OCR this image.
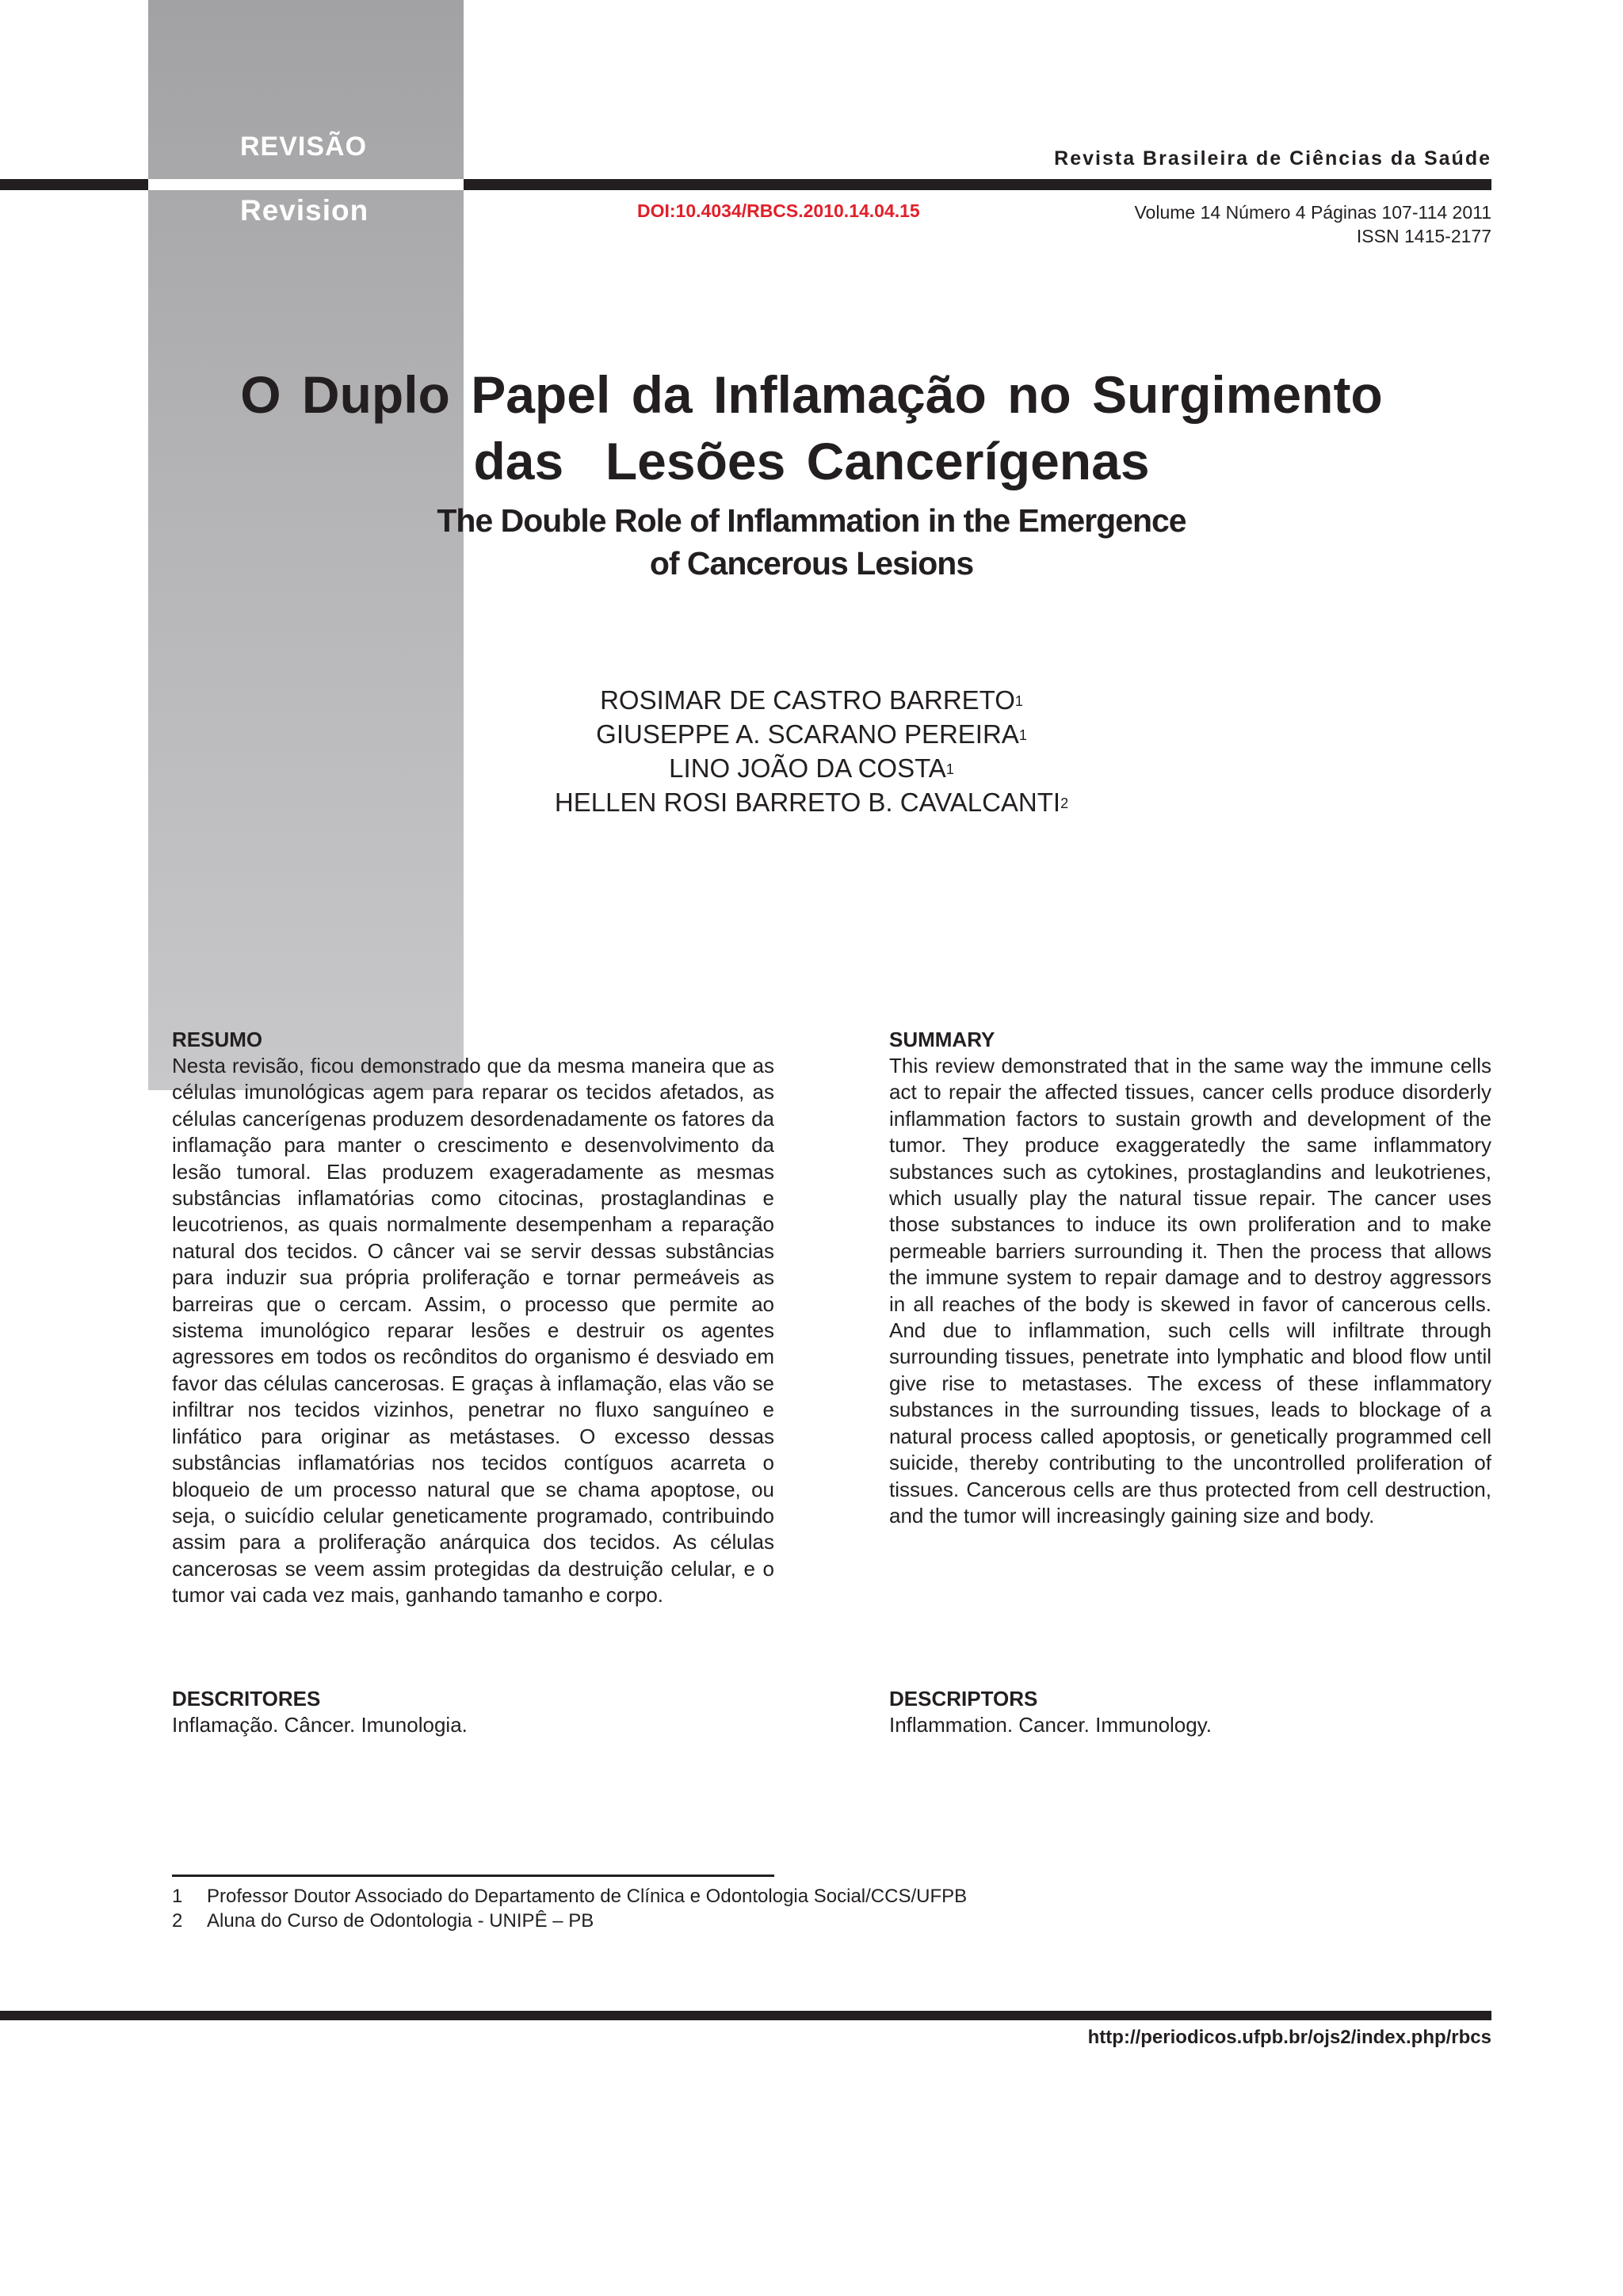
REVISÃO
Revision
Revista Brasileira de Ciências da Saúde
DOI:10.4034/RBCS.2010.14.04.15	Volume 14 Número 4 Páginas 107-114 2011
ISSN 1415-2177
O Duplo Papel da Inflamação no Surgimento
das  Lesões Cancerígenas
The Double Role of Inflammation in the Emergence
of Cancerous Lesions
ROSIMAR DE CASTRO BARRETO$^1$
GIUSEPPE A. SCARANO PEREIRA$^1$
LINO JOÃO DA COSTA$^1$
HELLEN ROSI BARRETO B. CAVALCANTI$^2$
RESUMO

Nesta revisão, ficou demonstrado que da mesma maneira que as células imunológicas agem para reparar os tecidos afetados, as células cancerígenas produzem desordenadamente os fatores da inflamação para manter o crescimento e desenvolvimento da lesão tumoral. Elas produzem exageradamente as mesmas substâncias inflamatórias como citocinas, prostaglandinas e leucotrienos, as quais normalmente desempenham a reparação natural dos tecidos. O câncer vai se servir dessas substâncias para induzir sua própria proliferação e tornar permeáveis as barreiras que o cercam. Assim, o processo que permite ao sistema imunológico reparar lesões e destruir os agentes agressores em todos os recônditos do organismo é desviado em favor das células cancerosas. E graças à inflamação, elas vão se infiltrar nos tecidos vizinhos, penetrar no fluxo sanguíneo e linfático para originar as metástases. O excesso dessas substâncias inflamatórias nos tecidos contíguos acarreta o bloqueio de um processo natural que se chama apoptose, ou seja, o suicídio celular geneticamente programado, contribuindo assim para a proliferação anárquica dos tecidos. As células cancerosas se veem assim protegidas da destruição celular, e o tumor vai cada vez mais, ganhando tamanho e corpo.

SUMMARY

This review demonstrated that in the same way the immune cells act to repair the affected tissues, cancer cells produce disorderly inflammation factors to sustain growth and development of the tumor. They produce exaggeratedly the same inflammatory substances such as cytokines, prostaglandins and leukotrienes, which usually play the natural tissue repair. The cancer uses those substances to induce its own proliferation and to make permeable barriers surrounding it. Then the process that allows the immune system to repair damage and to destroy aggressors in all reaches of the body is skewed in favor of cancerous cells. And due to inflammation, such cells will infiltrate through surrounding tissues, penetrate into lymphatic and blood flow until give rise to metastases. The excess of these inflammatory substances in the surrounding tissues, leads to blockage of a natural process called apoptosis, or genetically programmed cell suicide, thereby contributing to the uncontrolled proliferation of tissues. Cancerous cells are thus protected from cell destruction, and the tumor will increasingly gaining size and body.

DESCRITORES

Inflamação. Câncer. Imunologia.

DESCRIPTORS

Inflammation. Cancer. Immunology.

1	Professor Doutor Associado do Departamento de Clínica e Odontologia Social/CCS/UFPB
2	Aluna do Curso de Odontologia - UNIPÊ – PB
http://periodicos.ufpb.br/ojs2/index.php/rbcs
